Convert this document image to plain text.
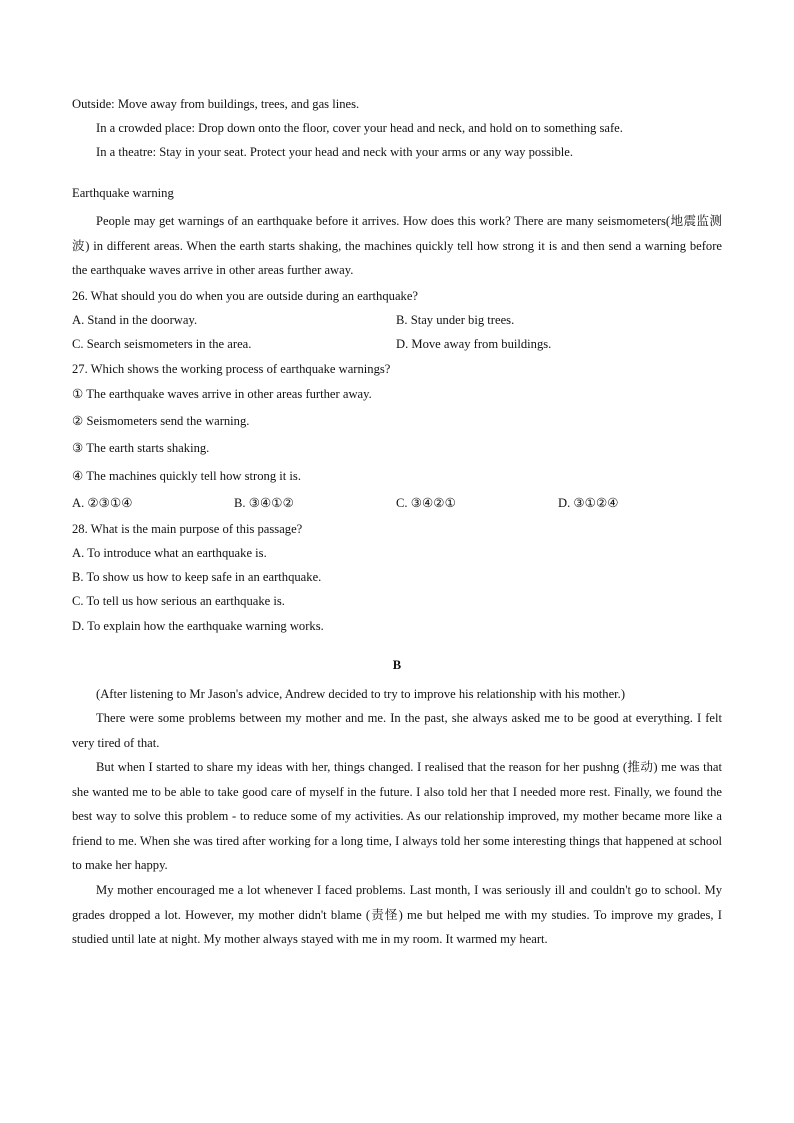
Outside: Move away from buildings, trees, and gas lines.
In a crowded place: Drop down onto the floor, cover your head and neck, and hold on to something safe.
In a theatre: Stay in your seat. Protect your head and neck with your arms or any way possible.
Earthquake warning
People may get warnings of an earthquake before it arrives. How does this work? There are many seismometers(地震监测波) in different areas. When the earth starts shaking, the machines quickly tell how strong it is and then send a warning before the earthquake waves arrive in other areas further away.
26. What should you do when you are outside during an earthquake?
A. Stand in the doorway.	B. Stay under big trees.
C. Search seismometers in the area.	D. Move away from buildings.
27. Which shows the working process of earthquake warnings?
① The earthquake waves arrive in other areas further away.
② Seismometers send the warning.
③ The earth starts shaking.
④ The machines quickly tell how strong it is.
A. ②③①④	B. ③④①②	C. ③④②①	D. ③①②④
28. What is the main purpose of this passage?
A. To introduce what an earthquake is.
B. To show us how to keep safe in an earthquake.
C. To tell us how serious an earthquake is.
D. To explain how the earthquake warning works.
B
(After listening to Mr Jason's advice, Andrew decided to try to improve his relationship with his mother.)
There were some problems between my mother and me. In the past, she always asked me to be good at everything. I felt very tired of that.
But when I started to share my ideas with her, things changed. I realised that the reason for her pushng (推动) me was that she wanted me to be able to take good care of myself in the future. I also told her that I needed more rest. Finally, we found the best way to solve this problem - to reduce some of my activities. As our relationship improved, my mother became more like a friend to me. When she was tired after working for a long time, I always told her some interesting things that happened at school to make her happy.
My mother encouraged me a lot whenever I faced problems. Last month, I was seriously ill and couldn't go to school. My grades dropped a lot. However, my mother didn't blame (责怪) me but helped me with my studies. To improve my grades, I studied until late at night. My mother always stayed with me in my room. It warmed my heart.
